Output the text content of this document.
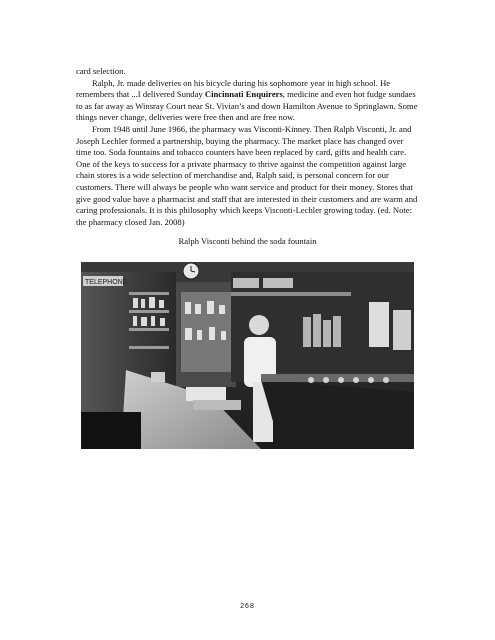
card selection.

Ralph, Jr. made deliveries on his bicycle during his sophomore year in high school. He remembers that ...I delivered Sunday Cincinnati Enquirers, medicine and even hot fudge sundaes to as far away as Winsray Court near St. Vivian’s and down Hamilton Avenue to Springlawn. Some things never change, deliveries were free then and are free now.

From 1948 until June 1966, the pharmacy was Visconti-Kinney. Then Ralph Visconti, Jr. and Joseph Lechler formed a partnership, buying the pharmacy. The market place has changed over time too. Soda fountains and tobacco counters have been replaced by card, gifts and health care. One of the keys to success for a private pharmacy to thrive against the competition against large chain stores is a wide selection of merchandise and, Ralph said, is personal concern for our customers. There will always be people who want service and product for their money. Stores that give good value have a pharmacist and staff that are interested in their customers and are warm and caring professionals. It is this philosophy which keeps Visconti-Lechler growing today. (ed. Note: the pharmacy closed Jan. 2008)

Ralph Visconti behind the soda fountain
TELEPHONE
268
